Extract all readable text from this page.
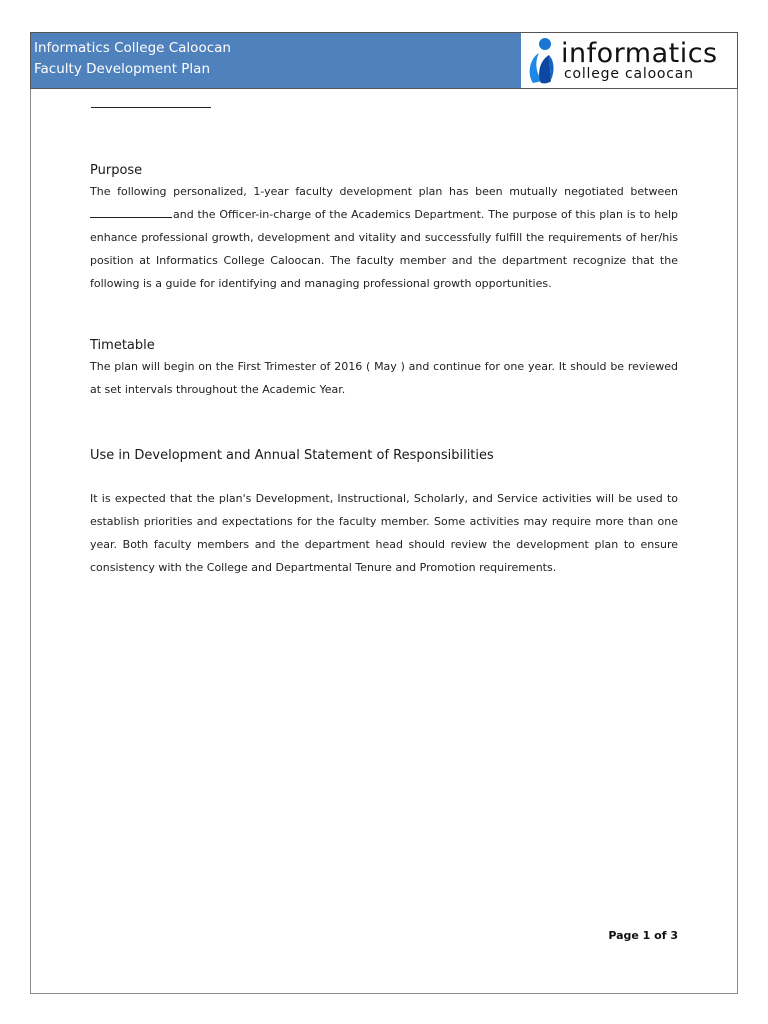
Informatics College Caloocan
Faculty Development Plan	informatics
college caloocan
Purpose

The following personalized, 1-year faculty development plan has been mutually negotiated between and the Officer-in-charge of the Academics Department. The purpose of this plan is to help enhance professional growth, development and vitality and successfully fulfill the requirements of her/his position at Informatics College Caloocan. The faculty member and the department recognize that the following is a guide for identifying and managing professional growth opportunities.

Timetable

The plan will begin on the First Trimester of 2016 ( May ) and continue for one year. It should be reviewed at set intervals throughout the Academic Year.

Use in Development and Annual Statement of Responsibilities

It is expected that the plan's Development, Instructional, Scholarly, and Service activities will be used to establish priorities and expectations for the faculty member. Some activities may require more than one year. Both faculty members and the department head should review the development plan to ensure consistency with the College and Departmental Tenure and Promotion requirements.

Page 1 of 3
